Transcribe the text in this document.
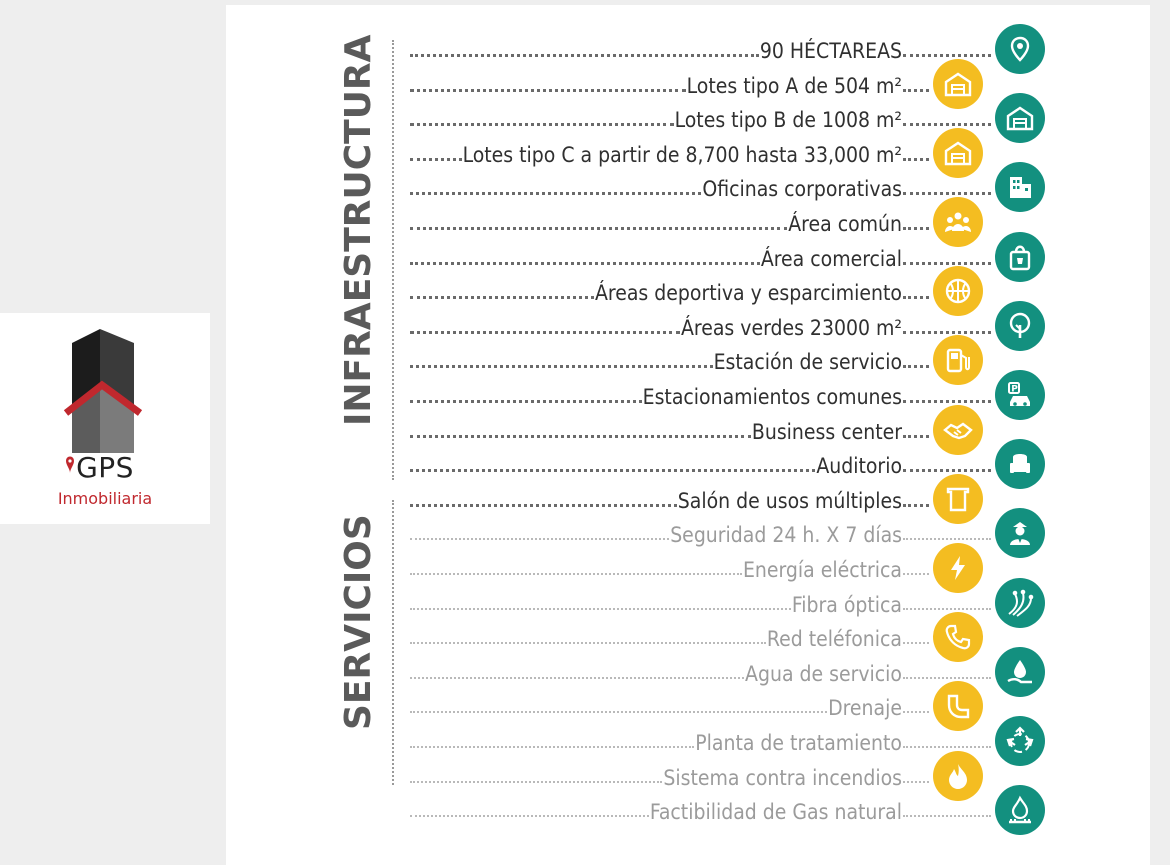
GPS
Inmobiliaria
INFRAESTRUCTURA
SERVICIOS
90 HÉCTAREAS
Lotes tipo A de 504 m²
Lotes tipo B de 1008 m²
Lotes tipo C a partir de 8,700 hasta 33,000 m²
Oficinas corporativas
Área común
Área comercial
Áreas deportiva y esparcimiento
Áreas verdes 23000 m²
Estación de servicio
Estacionamientos comunes	P
Business center
Auditorio
Salón de usos múltiples
Seguridad 24 h. X 7 días
Energía eléctrica
Fibra óptica
Red teléfonica
Agua de servicio
Drenaje
Planta de tratamiento
Sistema contra incendios
Factibilidad de Gas natural
